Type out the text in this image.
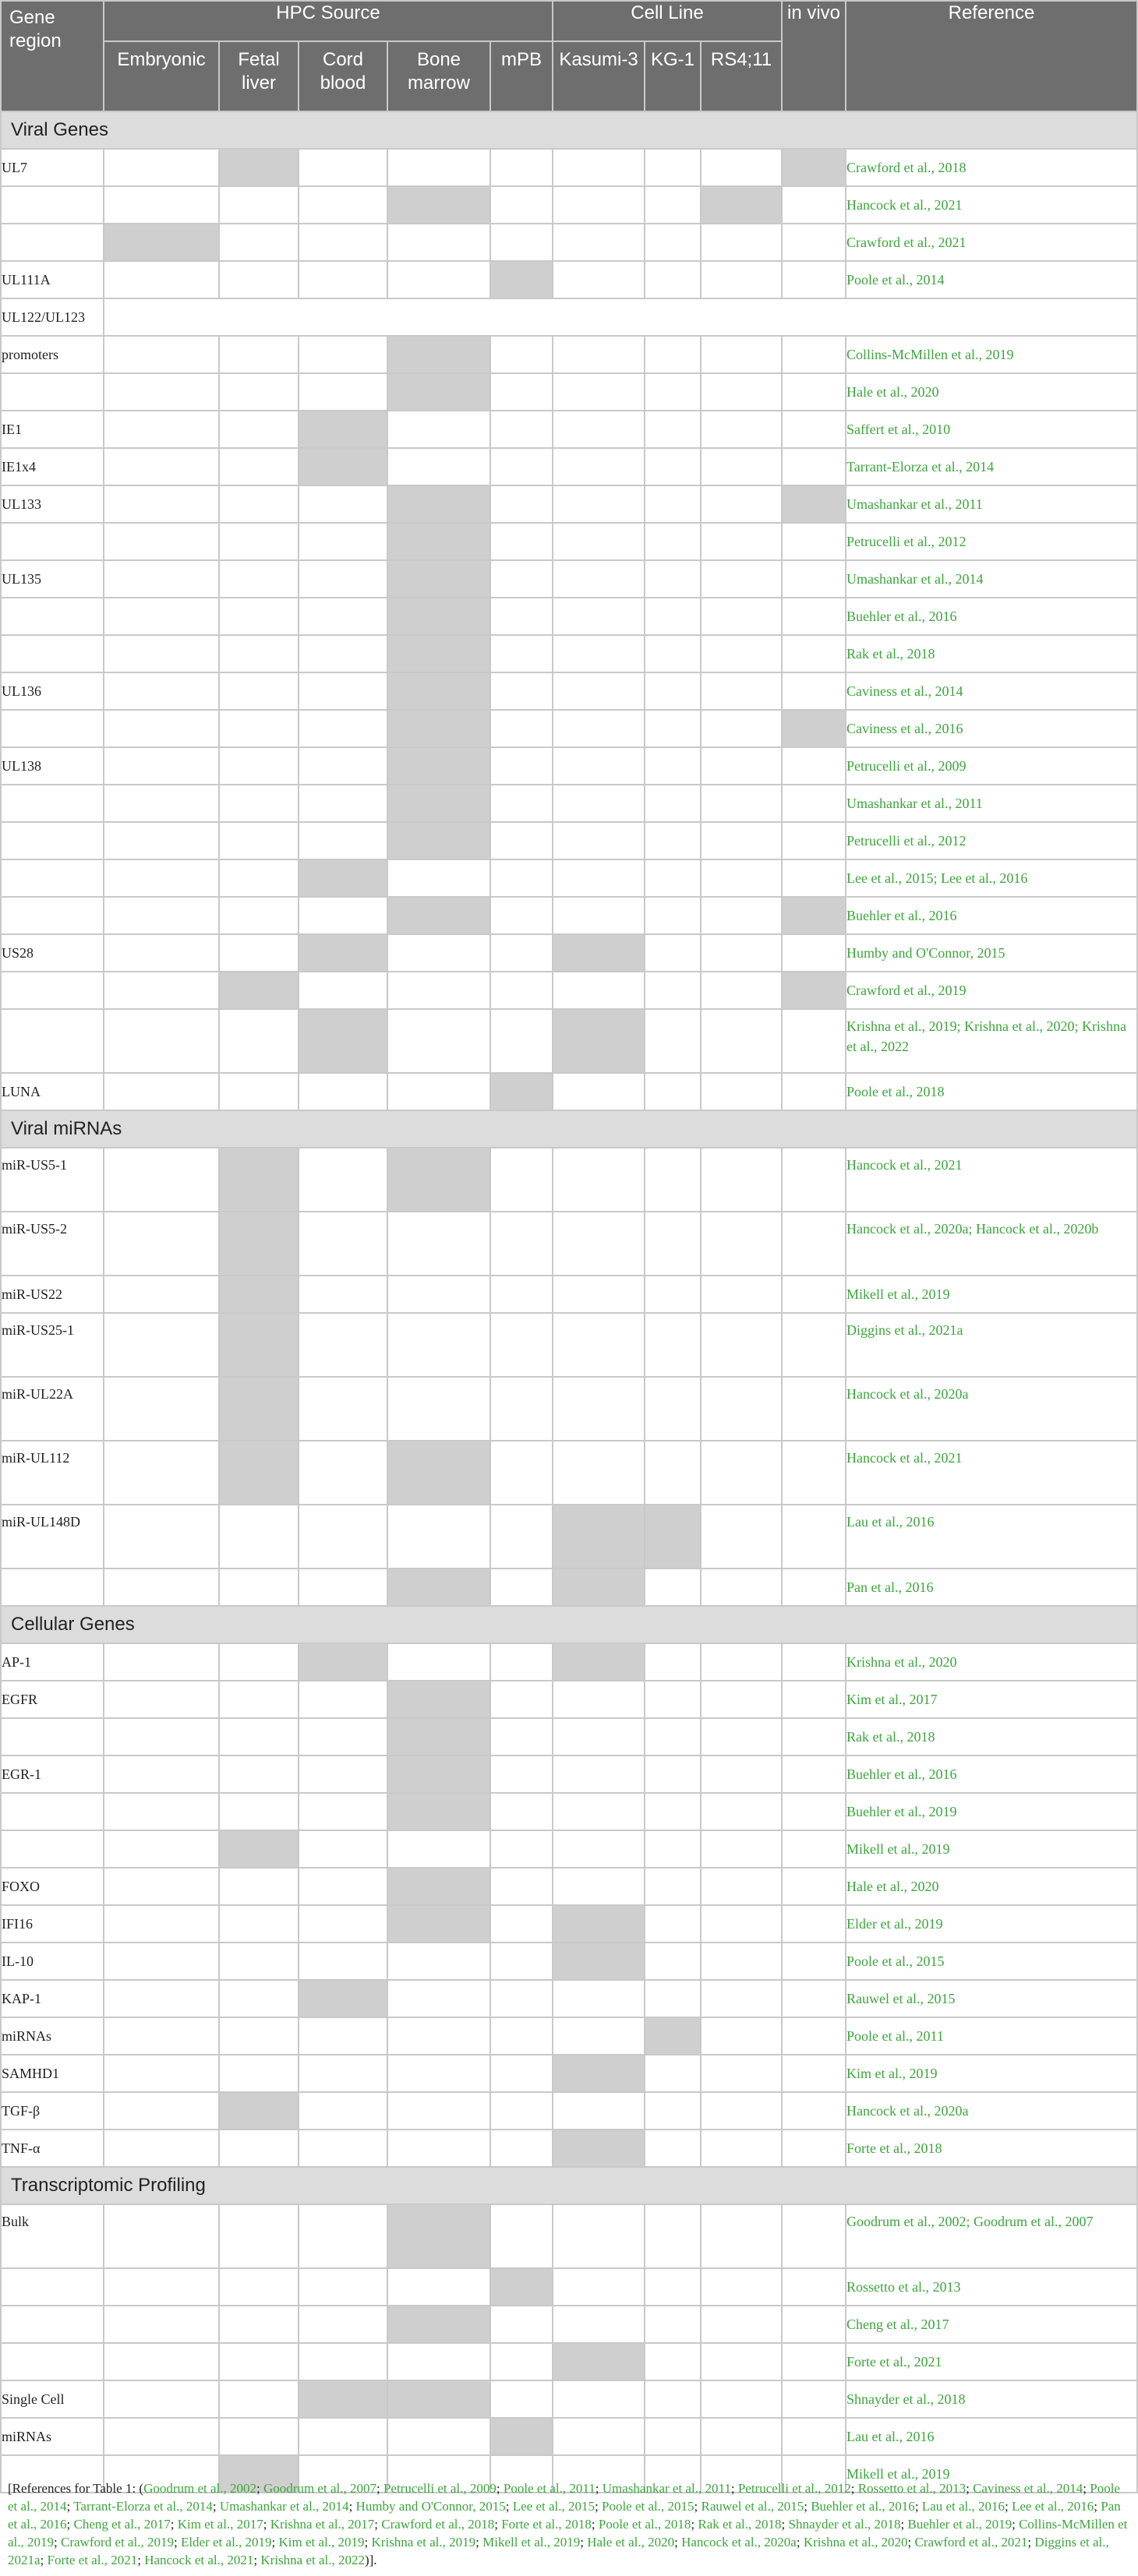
Gene region	HPC Source					Cell Line			in vivo	Reference
	Embryonic	Fetal liver	Cord blood	Bone marrow	mPB	Kasumi-3	KG-1	RS4;11		
Viral Genes										
UL7										Crawford et al., 2018
										Hancock et al., 2021
										Crawford et al., 2021
UL111A										Poole et al., 2014
UL122/UL123										
promoters										Collins-McMillen et al., 2019
										Hale et al., 2020
IE1										Saffert et al., 2010
IE1x4										Tarrant-Elorza et al., 2014
UL133										Umashankar et al., 2011
										Petrucelli et al., 2012
UL135										Umashankar et al., 2014
										Buehler et al., 2016
										Rak et al., 2018
UL136										Caviness et al., 2014
										Caviness et al., 2016
UL138										Petrucelli et al., 2009
										Umashankar et al., 2011
										Petrucelli et al., 2012
										Lee et al., 2015; Lee et al., 2016
										Buehler et al., 2016
US28										Humby and O'Connor, 2015
										Crawford et al., 2019
										Krishna et al., 2019; Krishna et al., 2020; Krishna et al., 2022
LUNA										Poole et al., 2018
Viral miRNAs										
miR-US5-1										Hancock et al., 2021
miR-US5-2										Hancock et al., 2020a; Hancock et al., 2020b
miR-US22										Mikell et al., 2019
miR-US25-1										Diggins et al., 2021a
miR-UL22A										Hancock et al., 2020a
miR-UL112										Hancock et al., 2021
miR-UL148D										Lau et al., 2016
										Pan et al., 2016
Cellular Genes										
AP-1										Krishna et al., 2020
EGFR										Kim et al., 2017
										Rak et al., 2018
EGR-1										Buehler et al., 2016
										Buehler et al., 2019
										Mikell et al., 2019
FOXO										Hale et al., 2020
IFI16										Elder et al., 2019
IL-10										Poole et al., 2015
KAP-1										Rauwel et al., 2015
miRNAs										Poole et al., 2011
SAMHD1										Kim et al., 2019
TGF-β										Hancock et al., 2020a
TNF-α										Forte et al., 2018
Transcriptomic Profiling										
Bulk										Goodrum et al., 2002; Goodrum et al., 2007
										Rossetto et al., 2013
										Cheng et al., 2017
										Forte et al., 2021
Single Cell										Shnayder et al., 2018
miRNAs										Lau et al., 2016
										Mikell et al., 2019
[References for Table 1: (Goodrum et al., 2002; Goodrum et al., 2007; Petrucelli et al., 2009; Poole et al., 2011; Umashankar et al., 2011; Petrucelli et al., 2012; Rossetto et al., 2013; Caviness et al., 2014; Poole et al., 2014; Tarrant-Elorza et al., 2014; Umashankar et al., 2014; Humby and O'Connor, 2015; Lee et al., 2015; Poole et al., 2015; Rauwel et al., 2015; Buehler et al., 2016; Lau et al., 2016; Lee et al., 2016; Pan et al., 2016; Cheng et al., 2017; Kim et al., 2017; Krishna et al., 2017; Crawford et al., 2018; Forte et al., 2018; Poole et al., 2018; Rak et al., 2018; Shnayder et al., 2018; Buehler et al., 2019; Collins-McMillen et al., 2019; Crawford et al., 2019; Elder et al., 2019; Kim et al., 2019; Krishna et al., 2019; Mikell et al., 2019; Hale et al., 2020; Hancock et al., 2020a; Krishna et al., 2020; Crawford et al., 2021; Diggins et al., 2021a; Forte et al., 2021; Hancock et al., 2021; Krishna et al., 2022)].
